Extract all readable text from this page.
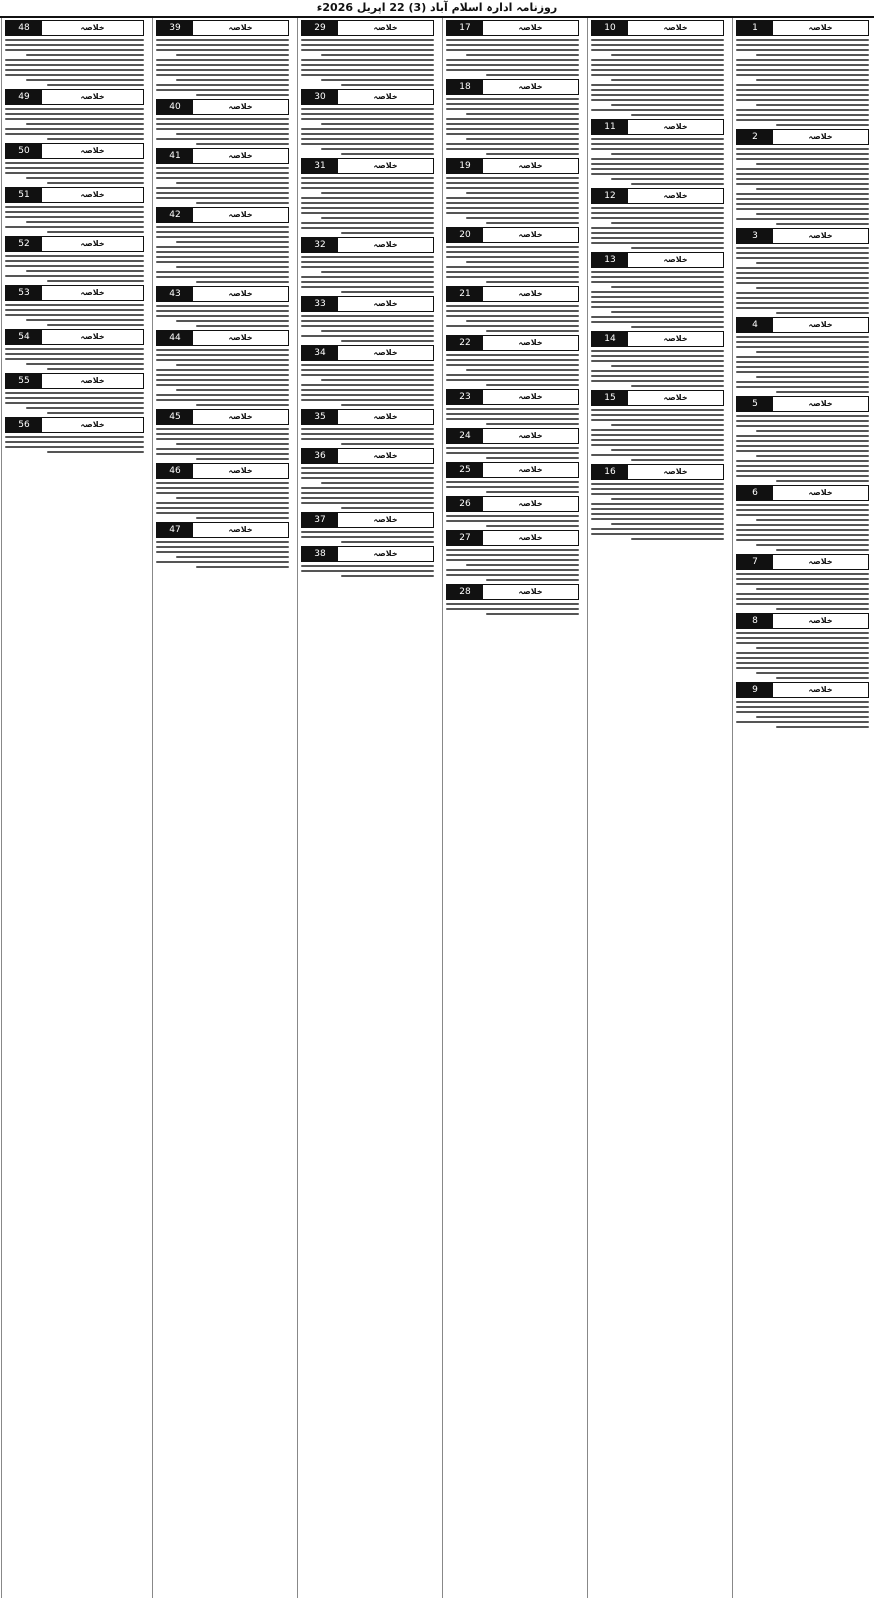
روزنامہ ادارہ اسلام آباد (3) 22 اپریل 2026ء
خلاصہ
1
خلاصہ
2
خلاصہ
3
خلاصہ
4
خلاصہ
5
خلاصہ
6
خلاصہ
7
خلاصہ
8
خلاصہ
9
خلاصہ
10
خلاصہ
11
خلاصہ
12
خلاصہ
13
خلاصہ
14
خلاصہ
15
خلاصہ
16
خلاصہ
17
خلاصہ
18
خلاصہ
19
خلاصہ
20
خلاصہ
21
خلاصہ
22
خلاصہ
23
خلاصہ
24
خلاصہ
25
خلاصہ
26
خلاصہ
27
خلاصہ
28
خلاصہ
29
خلاصہ
30
خلاصہ
31
خلاصہ
32
خلاصہ
33
خلاصہ
34
خلاصہ
35
خلاصہ
36
خلاصہ
37
خلاصہ
38
خلاصہ
39
خلاصہ
40
خلاصہ
41
خلاصہ
42
خلاصہ
43
خلاصہ
44
خلاصہ
45
خلاصہ
46
خلاصہ
47
خلاصہ
48
خلاصہ
49
خلاصہ
50
خلاصہ
51
خلاصہ
52
خلاصہ
53
خلاصہ
54
خلاصہ
55
خلاصہ
56
